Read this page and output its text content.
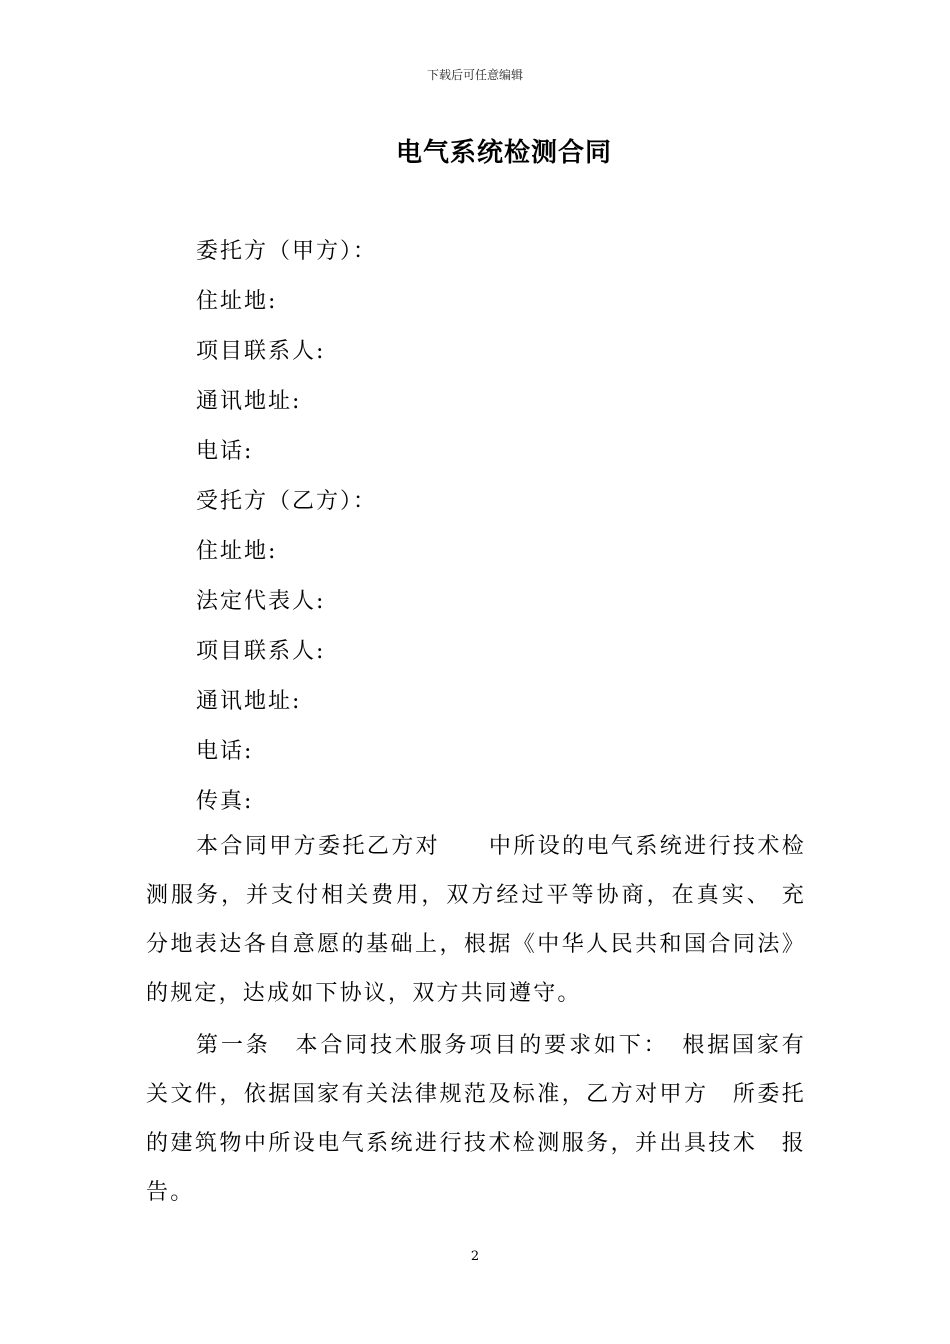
下载后可任意编辑
电气系统检测合同
委托方（甲方）：
住址地:
项目联系人:
通讯地址:
电话:
受托方（乙方）：
住址地:
法定代表人:
项目联系人:
通讯地址:
电话:
传真:

本合同甲方委托乙方对　　中所设的电气系统进行技术检测服务，并支付相关费用，双方经过平等协商，在真实、 充分地表达各自意愿的基础上，根据《中华人民共和国合同法》 的规定，达成如下协议，双方共同遵守。

第一条　本合同技术服务项目的要求如下：　根据国家有关文件，依据国家有关法律规范及标准，乙方对甲方　所委托的建筑物中所设电气系统进行技术检测服务，并出具技术　报告。

2
